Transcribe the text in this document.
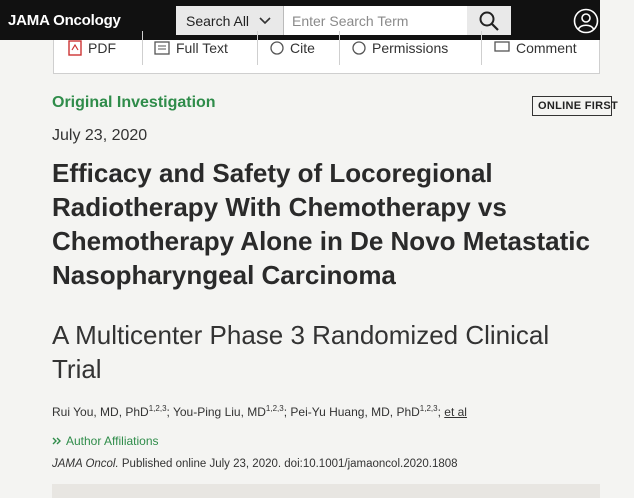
JAMA Oncology	Search All
Enter Search Term
PDF	Full Text	Cite	Permissions	Comment
Original Investigation	ONLINE FIRST
July 23, 2020
Efficacy and Safety of Locoregional Radiotherapy With Chemotherapy vs Chemotherapy Alone in De Novo Metastatic Nasopharyngeal Carcinoma
A Multicenter Phase 3 Randomized Clinical Trial
Rui You, MD, PhD$^{1,2,3}$; You-Ping Liu, MD$^{1,2,3}$; Pei-Yu Huang, MD, PhD$^{1,2,3}$; et al
Author Affiliations
JAMA Oncol. Published online July 23, 2020. doi:10.1001/jamaoncol.2020.1808
